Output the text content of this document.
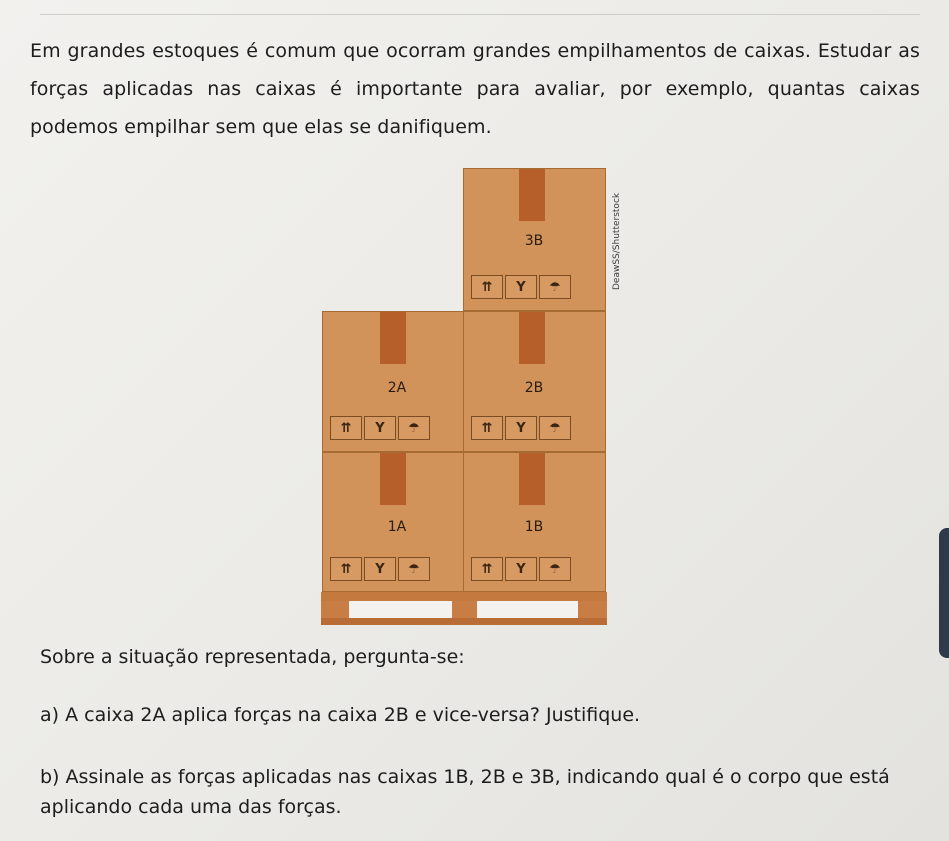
Em grandes estoques é comum que ocorram grandes empilhamentos de caixas. Estudar as forças aplicadas nas caixas é importante para avaliar, por exemplo, quantas caixas podemos empilhar sem que elas se danifiquem.

3B
⇈	Y	☂
2A
⇈	Y	☂
2B
⇈	Y	☂
1A
⇈	Y	☂
1B
⇈	Y	☂
DeawSS/Shutterstock
Sobre a situação representada, pergunta-se:
a) A caixa 2A aplica forças na caixa 2B e vice-versa? Justifique.
b) Assinale as forças aplicadas nas caixas 1B, 2B e 3B, indicando qual é o corpo que está aplicando cada uma das forças.
